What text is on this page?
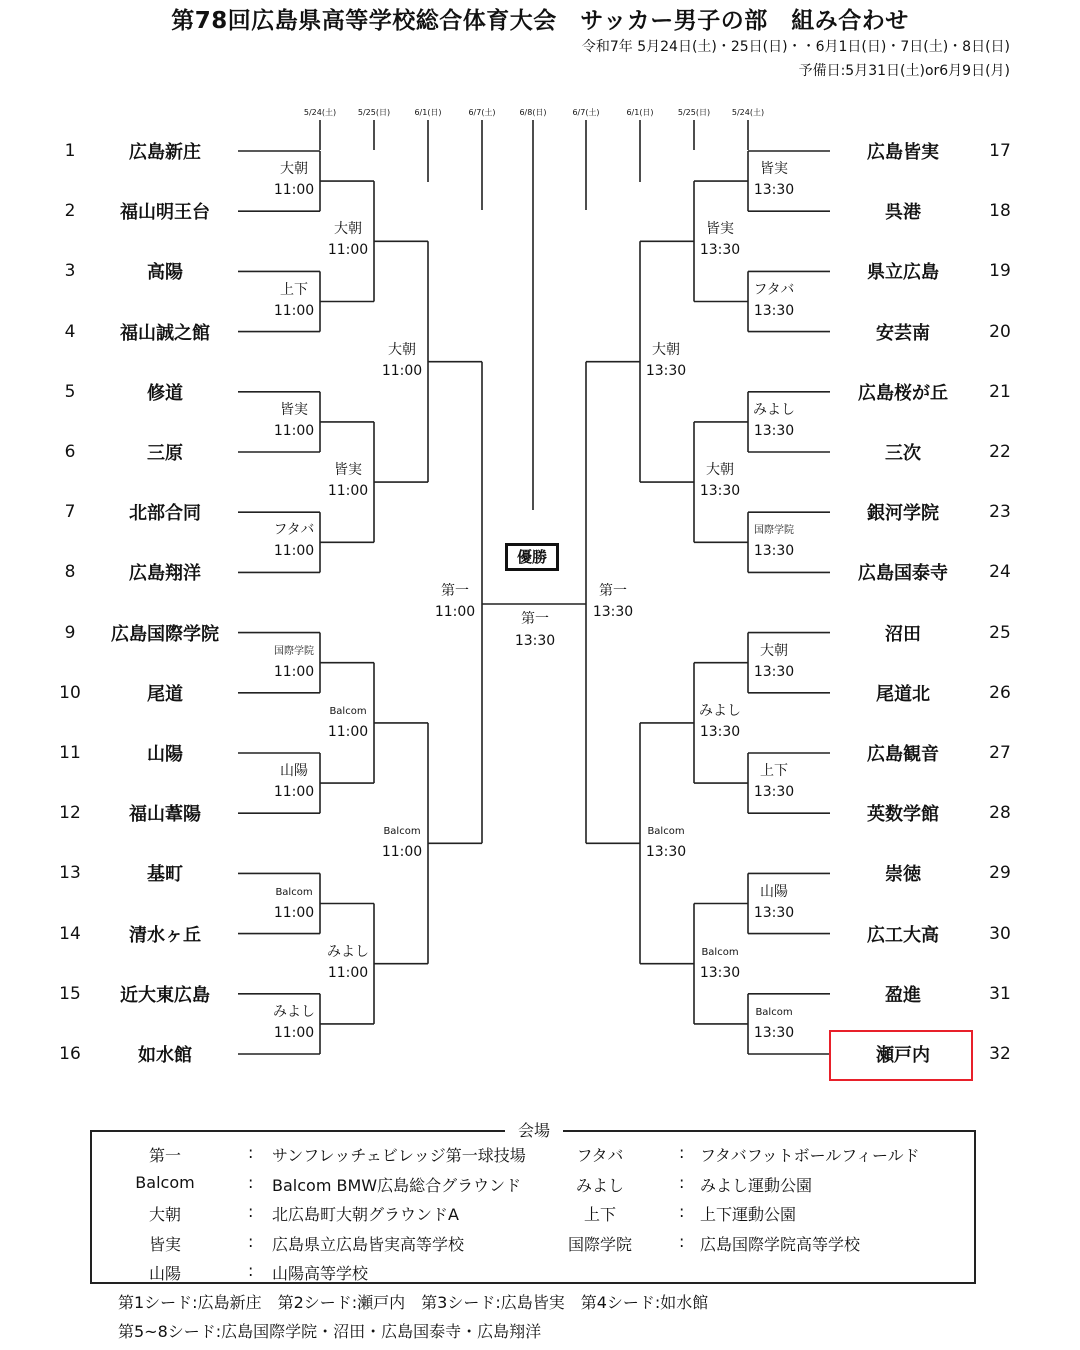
第78回広島県高等学校総合体育大会　サッカー男子の部　組み合わせ
令和7年 5月24日(土)・25日(日)・・6月1日(日)・7日(土)・8日(日)
予備日:5月31日(土)or6月9日(月)
5/24(土)	5/25(日)	6/1(日)	6/7(土)	6/8(日)	6/7(土)	6/1(日)	5/25(日)	5/24(土)
1	広島新庄
2	福山明王台
3	高陽
4	福山誠之館
5	修道
6	三原
7	北部合同
8	広島翔洋
9	広島国際学院
10	尾道
11	山陽
12	福山葦陽
13	基町
14	清水ヶ丘
15	近大東広島
16	如水館
17
広島皆実
18
呉港
19
県立広島
20
安芸南
21
広島桜が丘
22
三次
23
銀河学院
24
広島国泰寺
25
沼田
26
尾道北
27
広島観音
28
英数学館
29
崇徳
30
広工大高
31
盈進
32
瀬戸内
大朝
11:00
上下
11:00
皆実
11:00
フタバ
11:00
国際学院
11:00
山陽
11:00
Balcom
11:00
みよし
11:00
大朝
11:00
皆実
11:00
Balcom
11:00
みよし
11:00
大朝
11:00
Balcom
11:00
第一
11:00
皆実
13:30
フタバ
13:30
みよし
13:30
国際学院
13:30
大朝
13:30
上下
13:30
山陽
13:30
Balcom
13:30
皆実
13:30
大朝
13:30
みよし
13:30
Balcom
13:30
大朝
13:30
Balcom
13:30
第一
13:30
優勝
第一
13:30
会場
第一	: サンフレッチェビレッジ第一球技場
Balcom	: Balcom BMW広島総合グラウンド
大朝	: 北広島町大朝グラウンドA
皆実	: 広島県立広島皆実高等学校
山陽	: 山陽高等学校
フタバ	: フタバフットボールフィールド
みよし	: みよし運動公園
上下	: 上下運動公園
国際学院	: 広島国際学院高等学校
第1シード:広島新庄　第2シード:瀬戸内　第3シード:広島皆実　第4シード:如水館
第5~8シード:広島国際学院・沼田・広島国泰寺・広島翔洋
